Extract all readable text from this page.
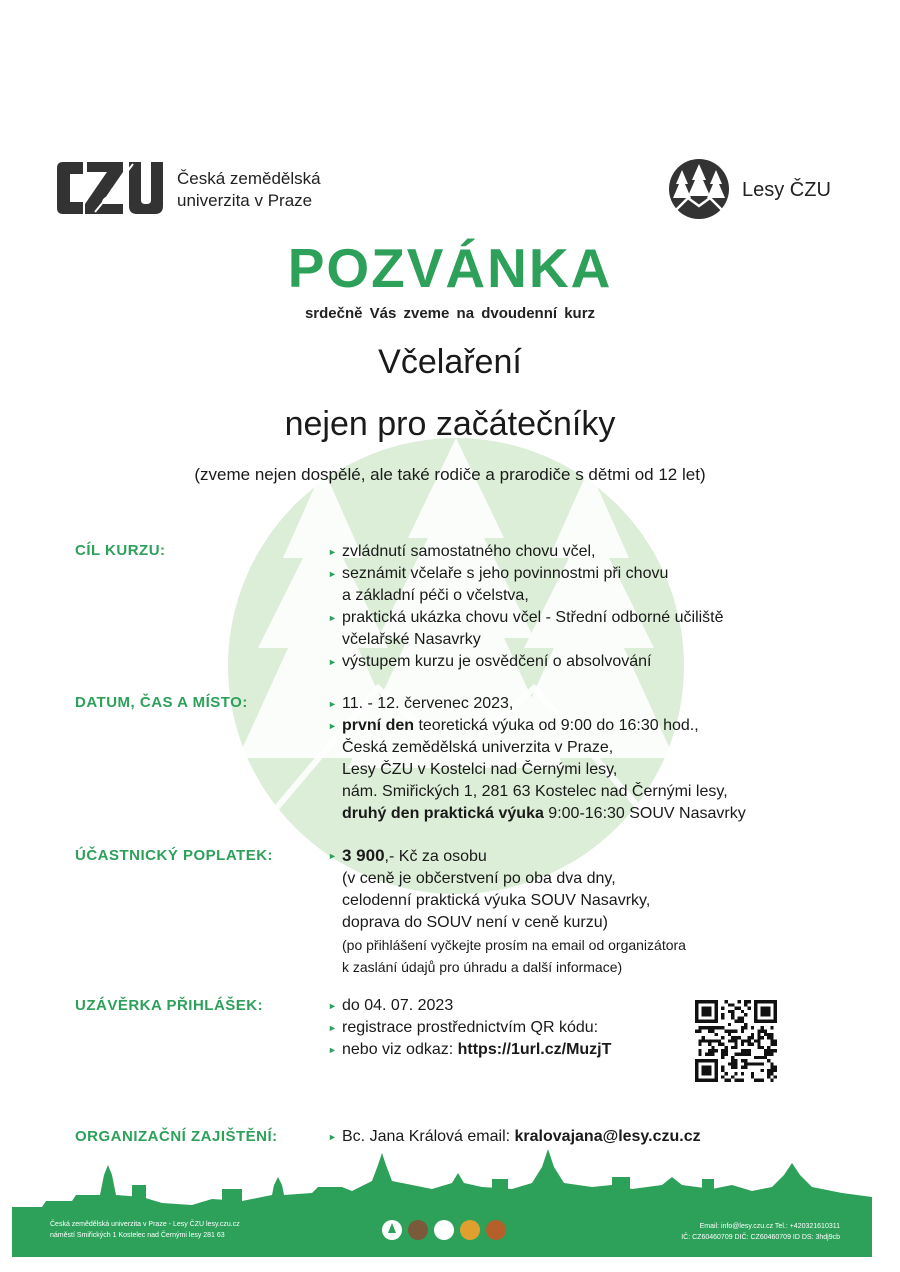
Česká zemědělská
univerzita v Praze	Lesy ČZU
POZVÁNKA
srdečně Vás zveme na dvoudenní kurz
Včelaření
nejen pro začátečníky
(zveme nejen dospělé, ale také rodiče a prarodiče s dětmi od 12 let)
CÍL KURZU:	► zvládnutí samostatného chovu včel,
► seznámit včelaře s jeho povinnostmi při chovu
a základní péči o včelstva,
► praktická ukázka chovu včel - Střední odborné učiliště
včelařské Nasavrky
► výstupem kurzu je osvědčení o absolvování
DATUM, ČAS A MÍSTO:	► 11. - 12. červenec 2023,
► první den teoretická výuka od 9:00 do 16:30 hod.,
Česká zemědělská univerzita v Praze,
Lesy ČZU v Kostelci nad Černými lesy,
nám. Smiřických 1, 281 63 Kostelec nad Černými lesy,
druhý den praktická výuka 9:00-16:30 SOUV Nasavrky
ÚČASTNICKÝ POPLATEK:	► 3 900,- Kč za osobu
(v ceně je občerstvení po oba dva dny,
celodenní praktická výuka SOUV Nasavrky,
doprava do SOUV není v ceně kurzu)
(po přihlášení vyčkejte prosím na email od organizátora
k zaslání údajů pro úhradu a další informace)
UZÁVĚRKA PŘIHLÁŠEK:	► do 04. 07. 2023
► registrace prostřednictvím QR kódu:
► nebo viz odkaz: https://1url.cz/MuzjT
ORGANIZAČNÍ ZAJIŠTĚNÍ:	► Bc. Jana Králová email: kralovajana@lesy.czu.cz
Česká zemědělská univerzita v Praze - Lesy ČZU lesy.czu.cz
náměstí Smiřických 1 Kostelec nad Černými lesy 281 63
Email: info@lesy.czu.cz Tel.: +420321610311
IČ: CZ60460709 DIČ: CZ60460709 ID DS: 3hdj9cb
